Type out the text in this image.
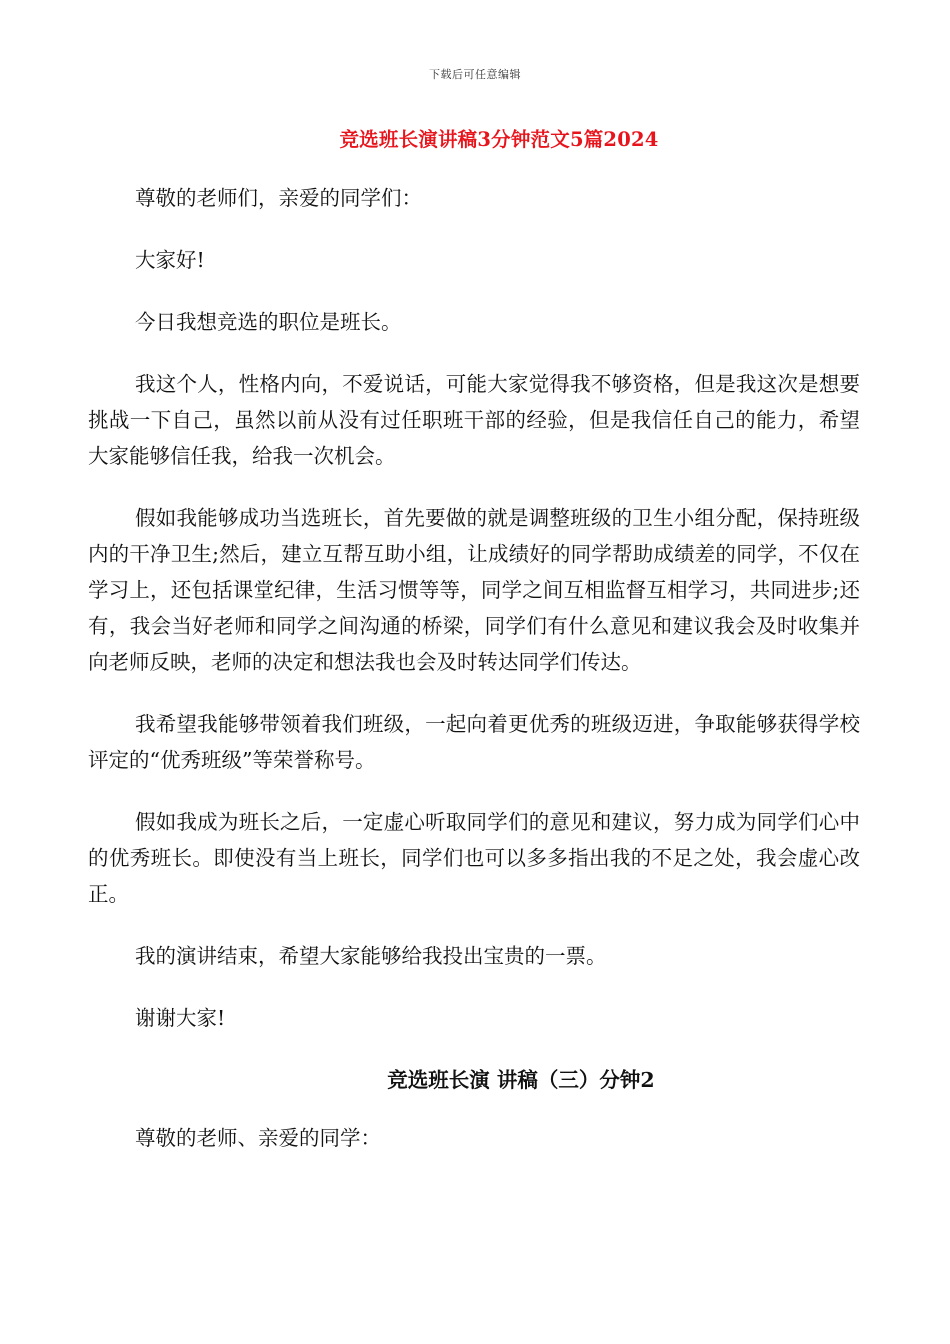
下载后可任意编辑
竞选班长演讲稿3分钟范文5篇2024

尊敬的老师们，亲爱的同学们：

大家好!

今日我想竞选的职位是班长。

我这个人，性格内向，不爱说话，可能大家觉得我不够资格，但是我这次是想要挑战一下自己，虽然以前从没有过任职班干部的经验，但是我信任自己的能力，希望大家能够信任我，给我一次机会。

假如我能够成功当选班长，首先要做的就是调整班级的卫生小组分配，保持班级内的干净卫生;然后，建立互帮互助小组，让成绩好的同学帮助成绩差的同学，不仅在学习上，还包括课堂纪律，生活习惯等等，同学之间互相监督互相学习，共同进步;还有，我会当好老师和同学之间沟通的桥梁，同学们有什么意见和建议我会及时收集并向老师反映，老师的决定和想法我也会及时转达同学们传达。

我希望我能够带领着我们班级，一起向着更优秀的班级迈进，争取能够获得学校评定的“优秀班级”等荣誉称号。

假如我成为班长之后，一定虚心听取同学们的意见和建议，努力成为同学们心中的优秀班长。即使没有当上班长，同学们也可以多多指出我的不足之处，我会虚心改正。

我的演讲结束，希望大家能够给我投出宝贵的一票。

谢谢大家!

竞选班长演 讲稿（三）分钟2

尊敬的老师、亲爱的同学：
